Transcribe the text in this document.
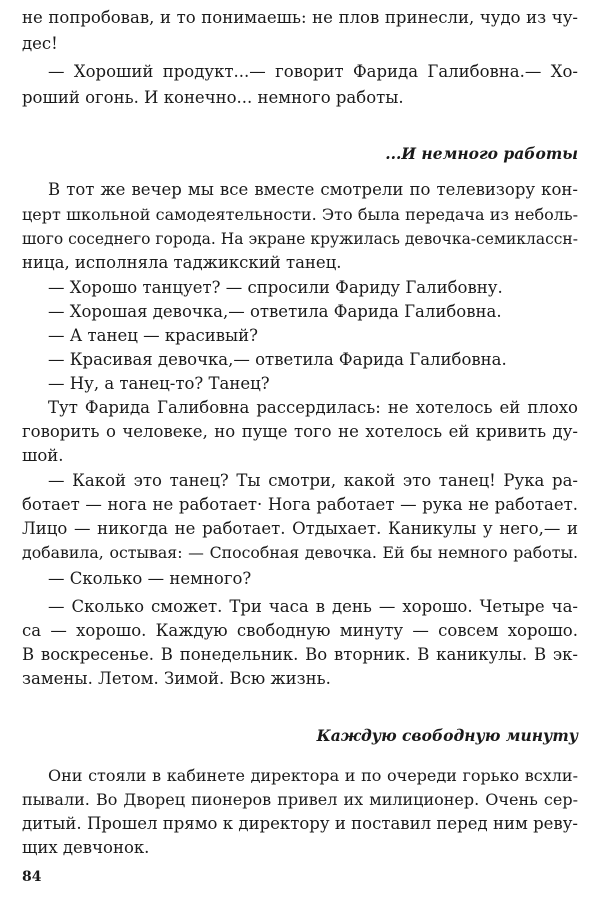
не попробовав, и то понимаешь: не плов принесли, чудо из чу-
дес!
— Хороший продукт...— говорит Фарида Галибовна.— Хо-
роший огонь. И конечно... немного работы.
...И немного работы
В тот же вечер мы все вместе смотрели по телевизору кон-
церт школьной самодеятельности. Это была передача из неболь-
шого соседнего города. На экране кружилась девочка-семиклассн-
ница, исполняла таджикский танец.
— Хорошо танцует? — спросили Фариду Галибовну.
— Хорошая девочка,— ответила Фарида Галибовна.
— А танец — красивый?
— Красивая девочка,— ответила Фарида Галибовна.
— Ну, а танец-то? Танец?
Тут Фарида Галибовна рассердилась: не хотелось ей плохо
говорить о человеке, но пуще того не хотелось ей кривить ду-
шой.
— Какой это танец? Ты смотри, какой это танец! Рука ра-
ботает — нога не работает· Нога работает — рука не работает.
Лицо — никогда не работает. Отдыхает. Каникулы у него,— и
добавила, остывая: — Способная девочка. Ей бы немного работы.
— Сколько — немного?
— Сколько сможет. Три часа в день — хорошо. Четыре ча-
са — хорошо. Каждую свободную минуту — совсем хорошо.
В воскресенье. В понедельник. Во вторник. В каникулы. В эк-
замены. Летом. Зимой. Всю жизнь.
Каждую свободную минуту
Они стояли в кабинете директора и по очереди горько всхли-
пывали. Во Дворец пионеров привел их милиционер. Очень сер-
дитый. Прошел прямо к директору и поставил перед ним реву-
щих девчонок.
84
